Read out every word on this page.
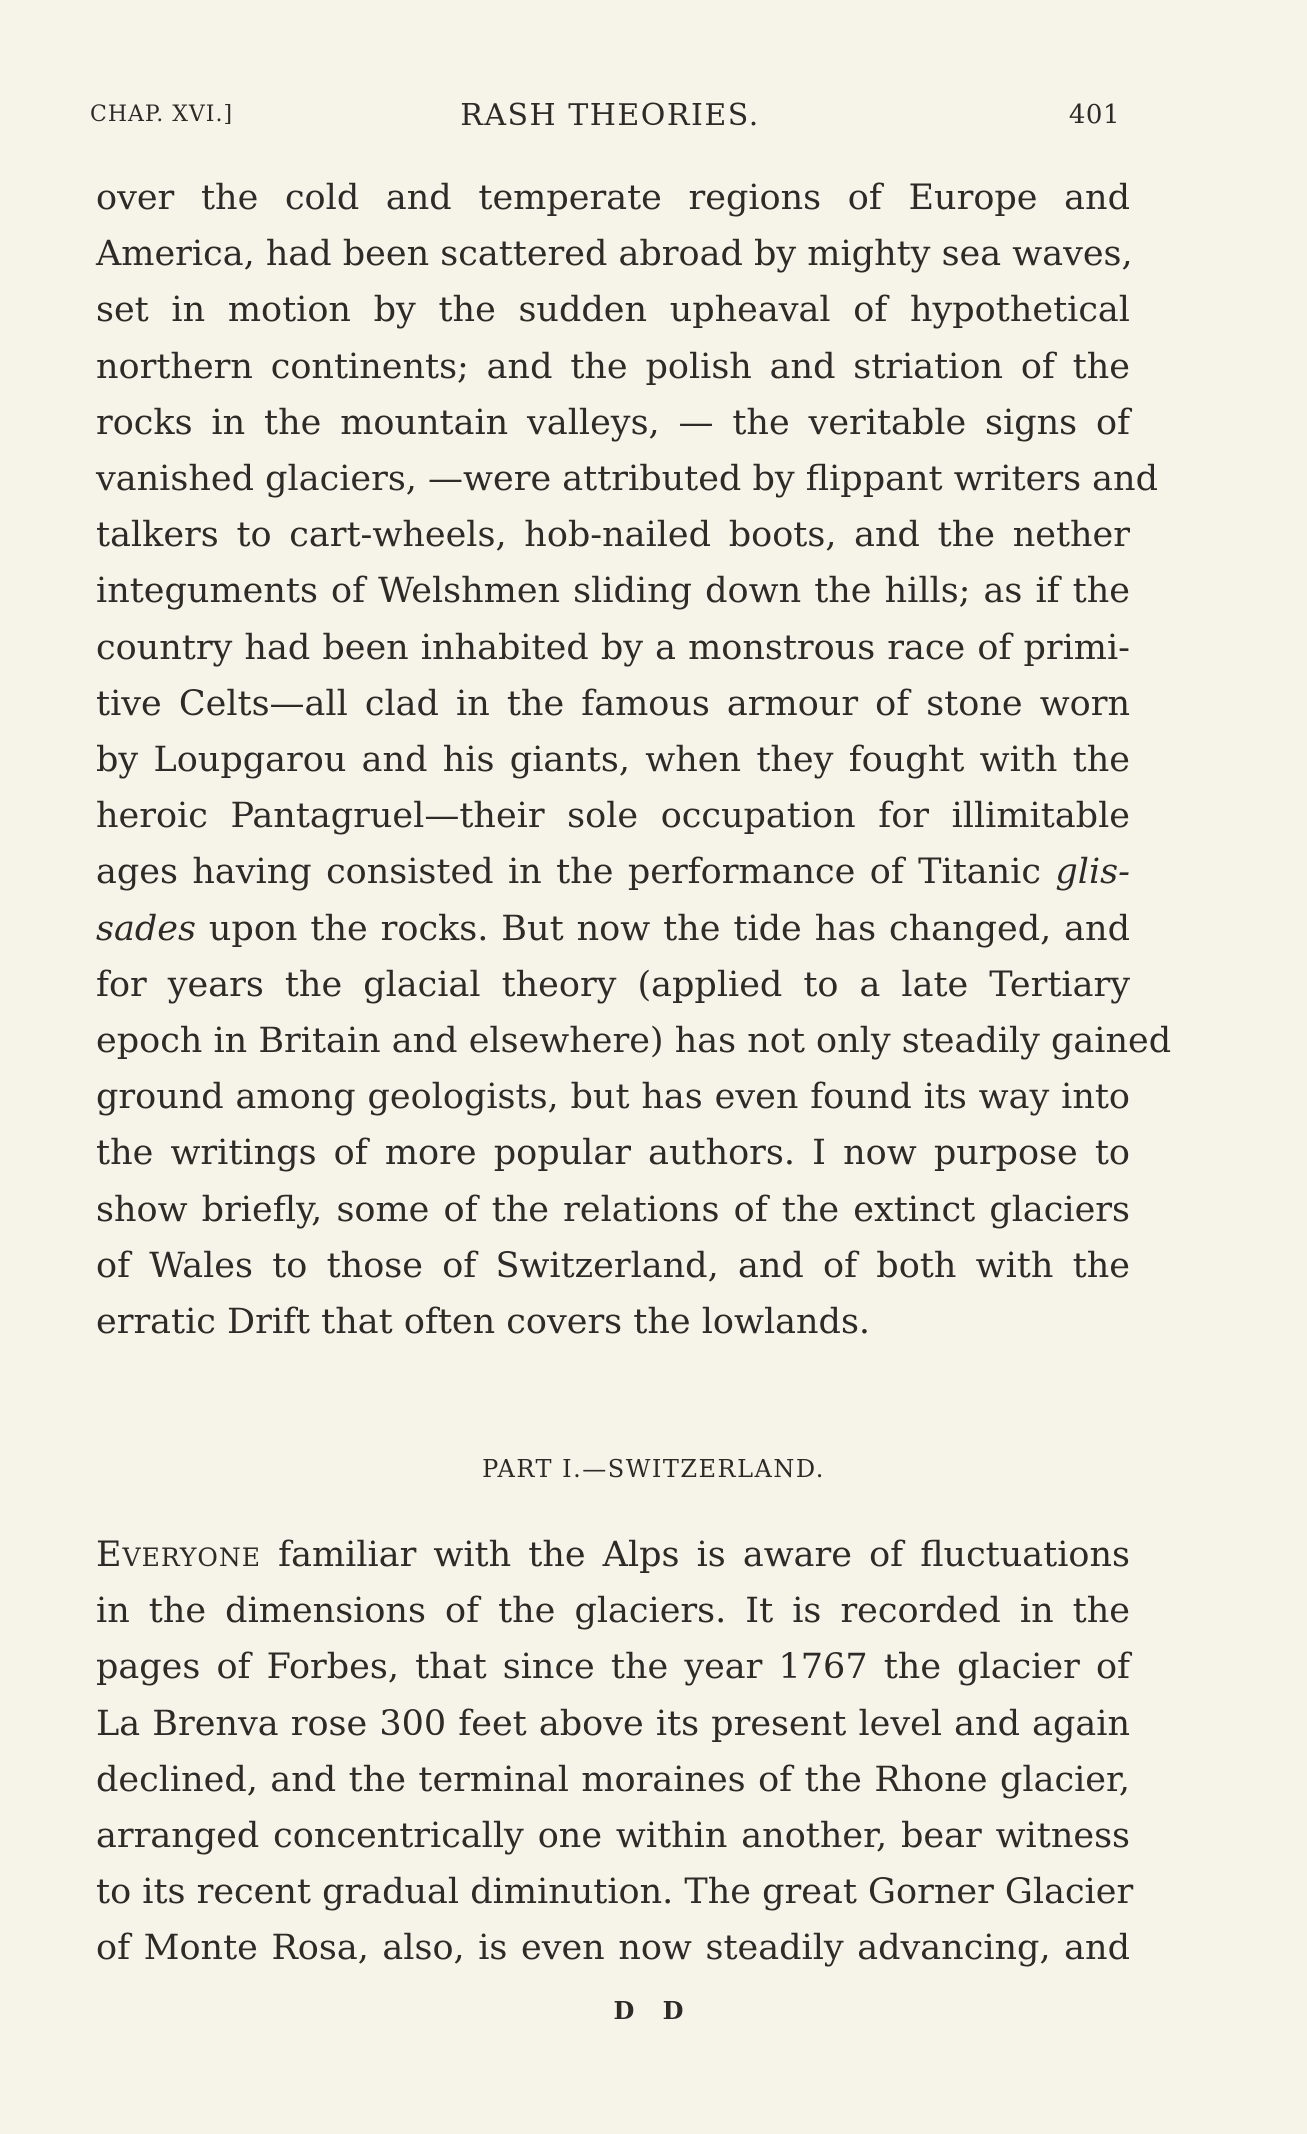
CHAP. XVI.]	RASH THEORIES.	401
over the cold and temperate regions of Europe and
America, had been scattered abroad by mighty sea waves,
set in motion by the sudden upheaval of hypothetical
northern continents; and the polish and striation of the
rocks in the mountain valleys, — the veritable signs of
vanished glaciers, —were attributed by flippant writers and
talkers to cart-wheels, hob-nailed boots, and the nether
integuments of Welshmen sliding down the hills; as if the
country had been inhabited by a monstrous race of primi-
tive Celts—all clad in the famous armour of stone worn
by Loupgarou and his giants, when they fought with the
heroic Pantagruel—their sole occupation for illimitable
ages having consisted in the performance of Titanic glis-
sades upon the rocks. But now the tide has changed, and
for years the glacial theory (applied to a late Tertiary
epoch in Britain and elsewhere) has not only steadily gained
ground among geologists, but has even found its way into
the writings of more popular authors. I now purpose to
show briefly, some of the relations of the extinct glaciers
of Wales to those of Switzerland, and of both with the
erratic Drift that often covers the lowlands.
PART I.—SWITZERLAND.
Everyone familiar with the Alps is aware of fluctuations
in the dimensions of the glaciers. It is recorded in the
pages of Forbes, that since the year 1767 the glacier of
La Brenva rose 300 feet above its present level and again
declined, and the terminal moraines of the Rhone glacier,
arranged concentrically one within another, bear witness
to its recent gradual diminution. The great Gorner Glacier
of Monte Rosa, also, is even now steadily advancing, and
D D
